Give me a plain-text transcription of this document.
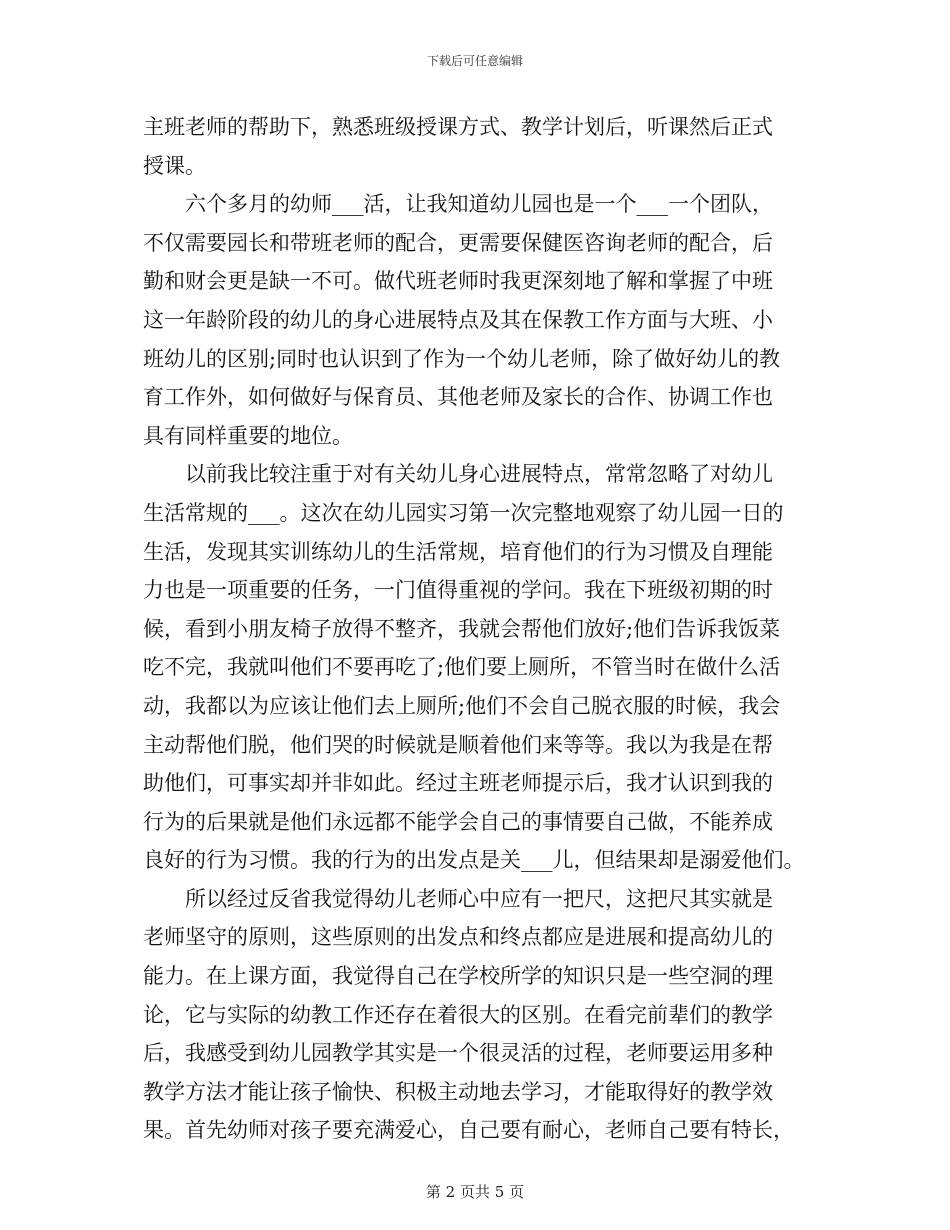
下载后可任意编辑
主班老师的帮助下，熟悉班级授课方式、教学计划后，听课然后正式
授课。
　　六个多月的幼师___活，让我知道幼儿园也是一个___一个团队，
不仅需要园长和带班老师的配合，更需要保健医咨询老师的配合，后
勤和财会更是缺一不可。做代班老师时我更深刻地了解和掌握了中班
这一年龄阶段的幼儿的身心进展特点及其在保教工作方面与大班、小
班幼儿的区别;同时也认识到了作为一个幼儿老师，除了做好幼儿的教
育工作外，如何做好与保育员、其他老师及家长的合作、协调工作也
具有同样重要的地位。
　　以前我比较注重于对有关幼儿身心进展特点，常常忽略了对幼儿
生活常规的___。这次在幼儿园实习第一次完整地观察了幼儿园一日的
生活，发现其实训练幼儿的生活常规，培育他们的行为习惯及自理能
力也是一项重要的任务，一门值得重视的学问。我在下班级初期的时
候，看到小朋友椅子放得不整齐，我就会帮他们放好;他们告诉我饭菜
吃不完，我就叫他们不要再吃了;他们要上厕所，不管当时在做什么活
动，我都以为应该让他们去上厕所;他们不会自己脱衣服的时候，我会
主动帮他们脱，他们哭的时候就是顺着他们来等等。我以为我是在帮
助他们，可事实却并非如此。经过主班老师提示后，我才认识到我的
行为的后果就是他们永远都不能学会自己的事情要自己做，不能养成
良好的行为习惯。我的行为的出发点是关___儿，但结果却是溺爱他们。
　　所以经过反省我觉得幼儿老师心中应有一把尺，这把尺其实就是
老师坚守的原则，这些原则的出发点和终点都应是进展和提高幼儿的
能力。在上课方面，我觉得自己在学校所学的知识只是一些空洞的理
论，它与实际的幼教工作还存在着很大的区别。在看完前辈们的教学
后，我感受到幼儿园教学其实是一个很灵活的过程，老师要运用多种
教学方法才能让孩子愉快、积极主动地去学习，才能取得好的教学效
果。首先幼师对孩子要充满爱心，自己要有耐心，老师自己要有特长，
第 2 页共 5 页
